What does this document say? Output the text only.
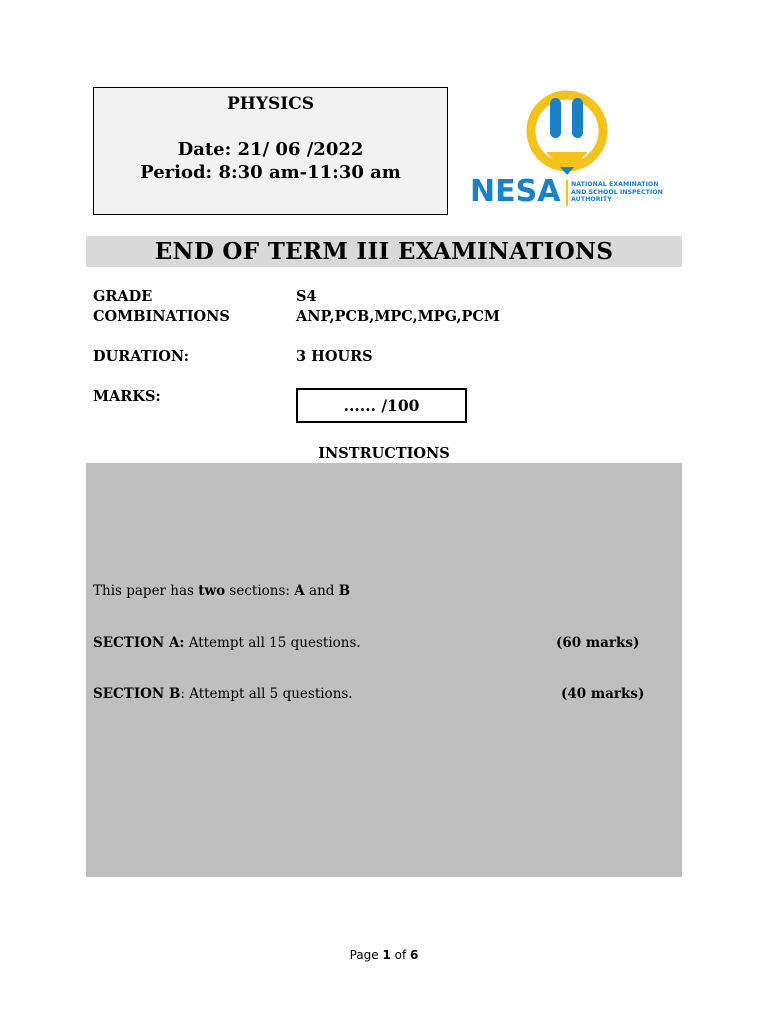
PHYSICS
Date: 21/ 06 /2022
Period: 8:30 am-11:30 am
NESA NATIONAL EXAMINATION
AND SCHOOL INSPECTION
AUTHORITY
END OF TERM III EXAMINATIONS
GRADE	S4
COMBINATIONS	ANP,PCB,MPC,MPG,PCM
DURATION:	3 HOURS
MARKS:	...... /100
INSTRUCTIONS
This paper has two sections: A and B
SECTION A: Attempt all 15 questions.	(60 marks)
SECTION B: Attempt all 5 questions.	(40 marks)
Page 1 of 6
